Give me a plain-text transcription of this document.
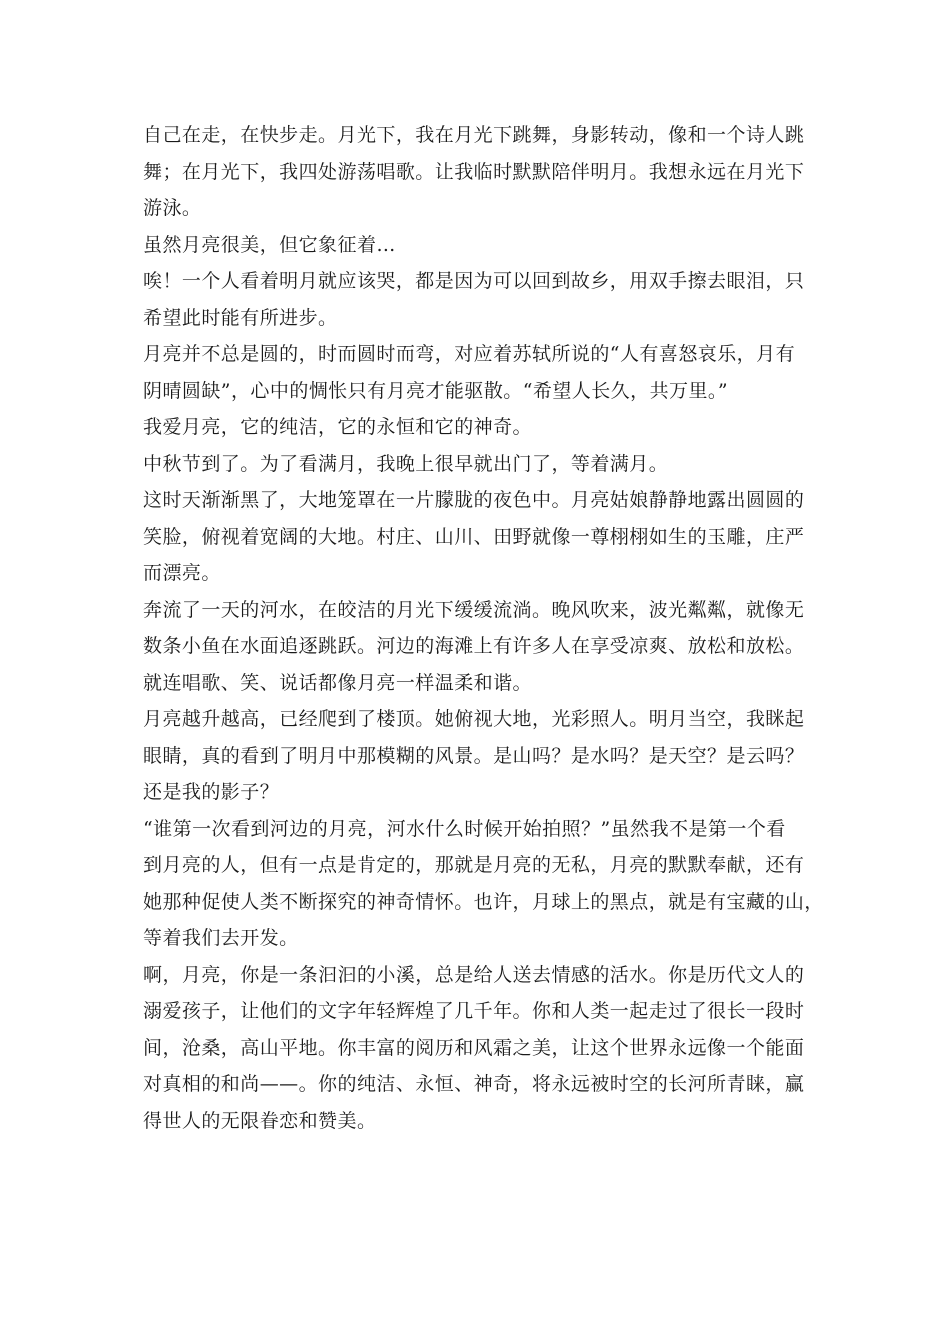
自己在走，在快步走。月光下，我在月光下跳舞，身影转动，像和一个诗人跳
舞；在月光下，我四处游荡唱歌。让我临时默默陪伴明月。我想永远在月光下
游泳。
虽然月亮很美，但它象征着…
唉！一个人看着明月就应该哭，都是因为可以回到故乡，用双手擦去眼泪，只
希望此时能有所进步。
月亮并不总是圆的，时而圆时而弯，对应着苏轼所说的“人有喜怒哀乐，月有
阴晴圆缺”，心中的惆怅只有月亮才能驱散。“希望人长久，共万里。”
我爱月亮，它的纯洁，它的永恒和它的神奇。
中秋节到了。为了看满月，我晚上很早就出门了，等着满月。
这时天渐渐黑了，大地笼罩在一片朦胧的夜色中。月亮姑娘静静地露出圆圆的
笑脸，俯视着宽阔的大地。村庄、山川、田野就像一尊栩栩如生的玉雕，庄严
而漂亮。
奔流了一天的河水，在皎洁的月光下缓缓流淌。晚风吹来，波光粼粼，就像无
数条小鱼在水面追逐跳跃。河边的海滩上有许多人在享受凉爽、放松和放松。
就连唱歌、笑、说话都像月亮一样温柔和谐。
月亮越升越高，已经爬到了楼顶。她俯视大地，光彩照人。明月当空，我眯起
眼睛，真的看到了明月中那模糊的风景。是山吗？是水吗？是天空？是云吗？
还是我的影子？
“谁第一次看到河边的月亮，河水什么时候开始拍照？”虽然我不是第一个看
到月亮的人，但有一点是肯定的，那就是月亮的无私，月亮的默默奉献，还有
她那种促使人类不断探究的神奇情怀。也许，月球上的黑点，就是有宝藏的山，
等着我们去开发。
啊，月亮，你是一条汩汩的小溪，总是给人送去情感的活水。你是历代文人的
溺爱孩子，让他们的文字年轻辉煌了几千年。你和人类一起走过了很长一段时
间，沧桑，高山平地。你丰富的阅历和风霜之美，让这个世界永远像一个能面
对真相的和尚——。你的纯洁、永恒、神奇，将永远被时空的长河所青睐，赢
得世人的无限眷恋和赞美。
